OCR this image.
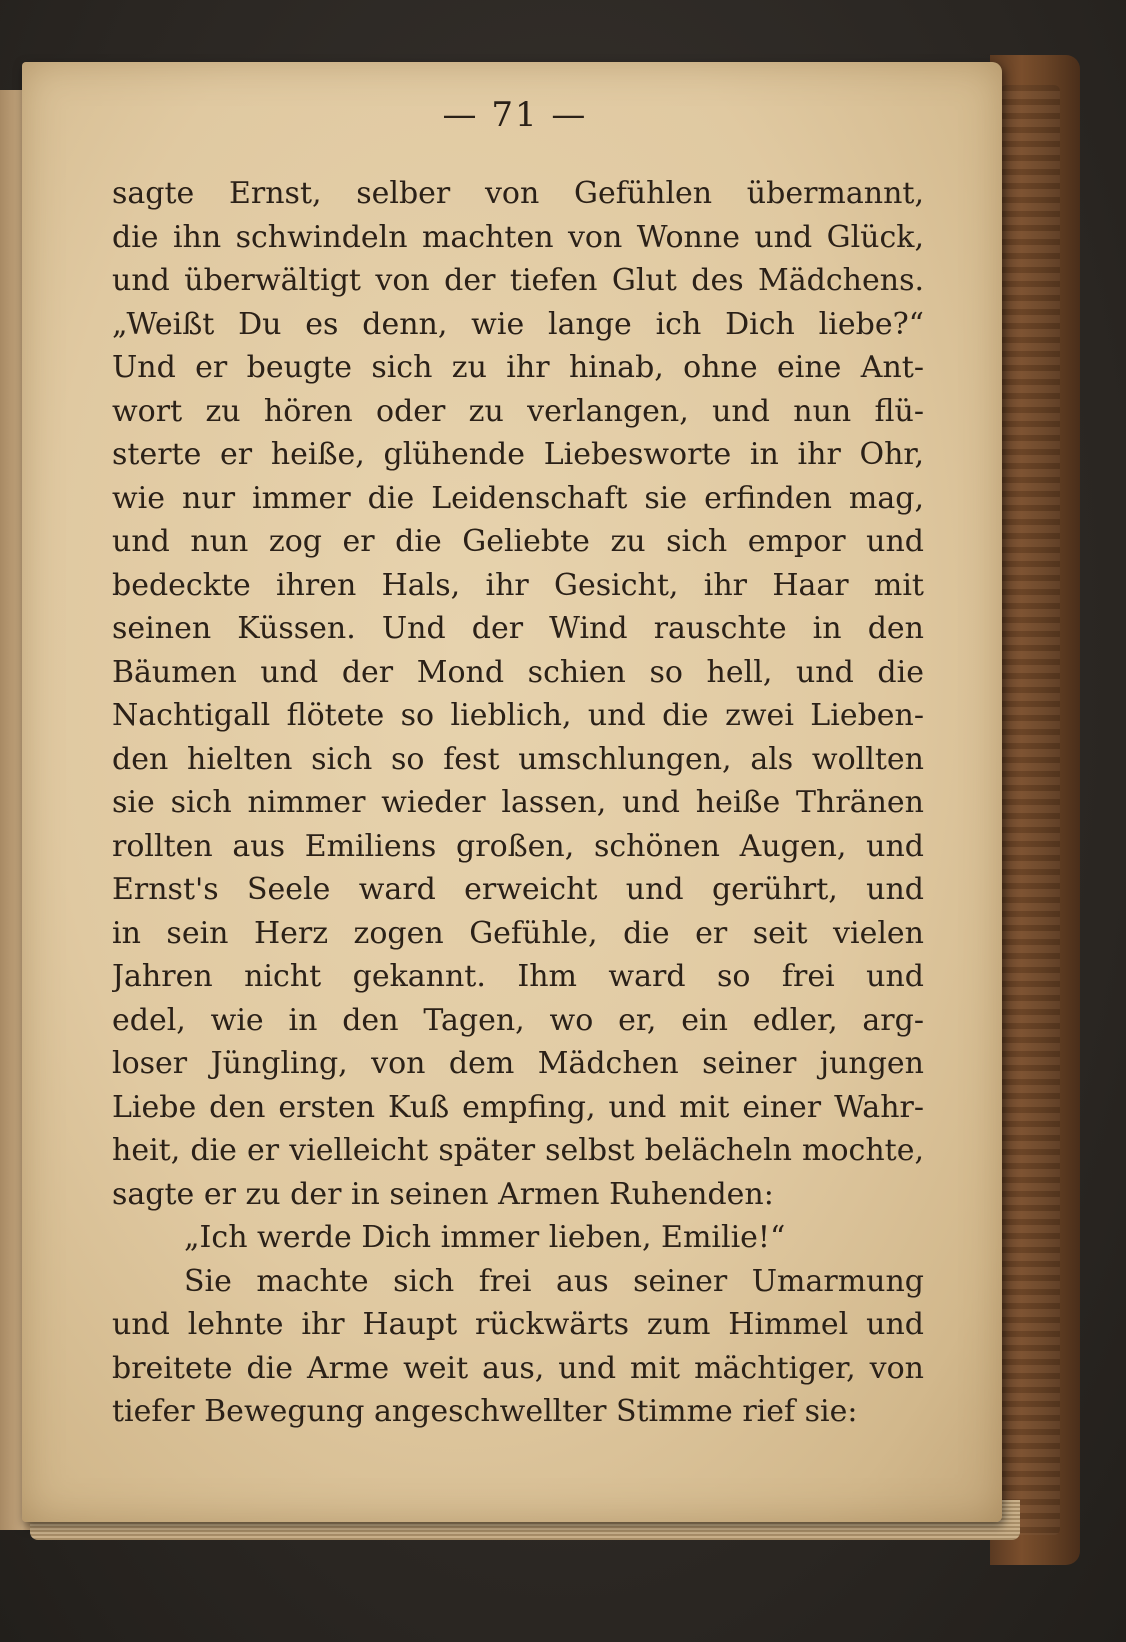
— 71 —
sagte Ernst, selber von Gefühlen übermannt,
die ihn schwindeln machten von Wonne und Glück,
und überwältigt von der tiefen Glut des Mädchens.
„Weißt Du es denn, wie lange ich Dich liebe?“
Und er beugte sich zu ihr hinab, ohne eine Ant-
wort zu hören oder zu verlangen, und nun flü-
sterte er heiße, glühende Liebesworte in ihr Ohr,
wie nur immer die Leidenschaft sie erfinden mag,
und nun zog er die Geliebte zu sich empor und
bedeckte ihren Hals, ihr Gesicht, ihr Haar mit
seinen Küssen. Und der Wind rauschte in den
Bäumen und der Mond schien so hell, und die
Nachtigall flötete so lieblich, und die zwei Lieben-
den hielten sich so fest umschlungen, als wollten
sie sich nimmer wieder lassen, und heiße Thränen
rollten aus Emiliens großen, schönen Augen, und
Ernst's Seele ward erweicht und gerührt, und
in sein Herz zogen Gefühle, die er seit vielen
Jahren nicht gekannt. Ihm ward so frei und
edel, wie in den Tagen, wo er, ein edler, arg-
loser Jüngling, von dem Mädchen seiner jungen
Liebe den ersten Kuß empfing, und mit einer Wahr-
heit, die er vielleicht später selbst belächeln mochte,
sagte er zu der in seinen Armen Ruhenden:
„Ich werde Dich immer lieben, Emilie!“
Sie machte sich frei aus seiner Umarmung
und lehnte ihr Haupt rückwärts zum Himmel und
breitete die Arme weit aus, und mit mächtiger, von
tiefer Bewegung angeschwellter Stimme rief sie:
